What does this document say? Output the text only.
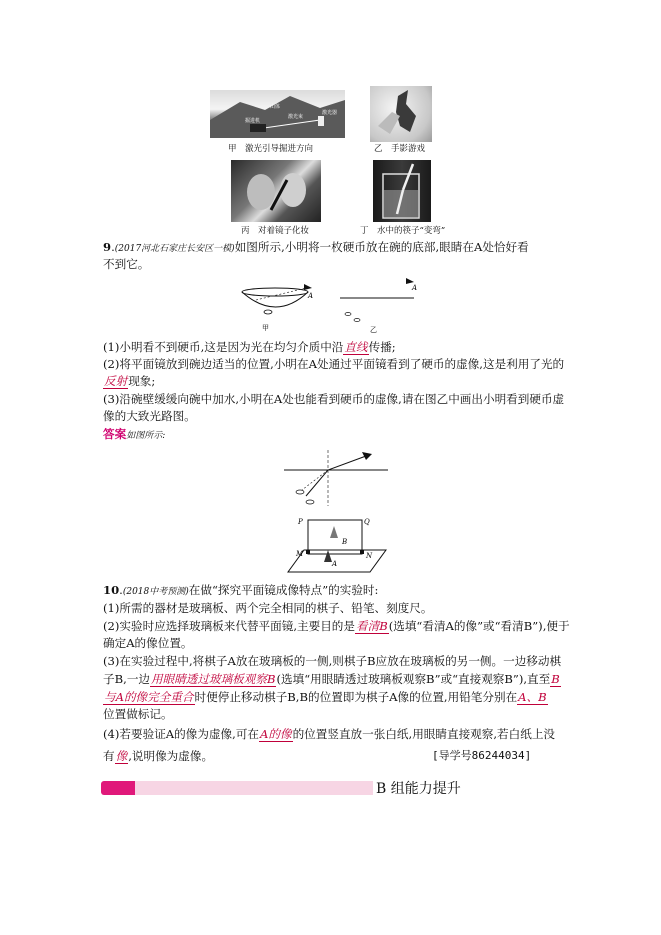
山体
激光束
掘进机
激光器
甲　激光引导掘进方向	乙　手影游戏
丙　对着镜子化妆	丁　水中的筷子“变弯”
9.(2017河北石家庄长安区一模)如图所示,小明将一枚硬币放在碗的底部,眼睛在A处恰好看
不到它。
A
甲
A
乙
(1)小明看不到硬币,这是因为光在均匀介质中沿直线传播;
(2)将平面镜放到碗边适当的位置,小明在A处通过平面镜看到了硬币的虚像,这是利用了光的
反射现象;
(3)沿碗壁缓缓向碗中加水,小明在A处也能看到硬币的虚像,请在图乙中画出小明看到硬币虚
像的大致光路图。
答案如图所示:
P	Q
M	N
B
A
10.(2018中考预测)在做“探究平面镜成像特点”的实验时:
(1)所需的器材是玻璃板、两个完全相同的棋子、铅笔、刻度尺。
(2)实验时应选择玻璃板来代替平面镜,主要目的是看清B(选填“看清A的像”或“看清B”),便于
确定A的像位置。
(3)在实验过程中,将棋子A放在玻璃板的一侧,则棋子B应放在玻璃板的另一侧。一边移动棋
子B,一边用眼睛透过玻璃板观察B(选填“用眼睛透过玻璃板观察B”或“直接观察B”),直至B
与A的像完全重合时便停止移动棋子B,B的位置即为棋子A像的位置,用铅笔分别在A、B
位置做标记。
(4)若要验证A的像为虚像,可在A的像的位置竖直放一张白纸,用眼睛直接观察,若白纸上没
有像,说明像为虚像。	[导学号86244034]
B 组能力提升
